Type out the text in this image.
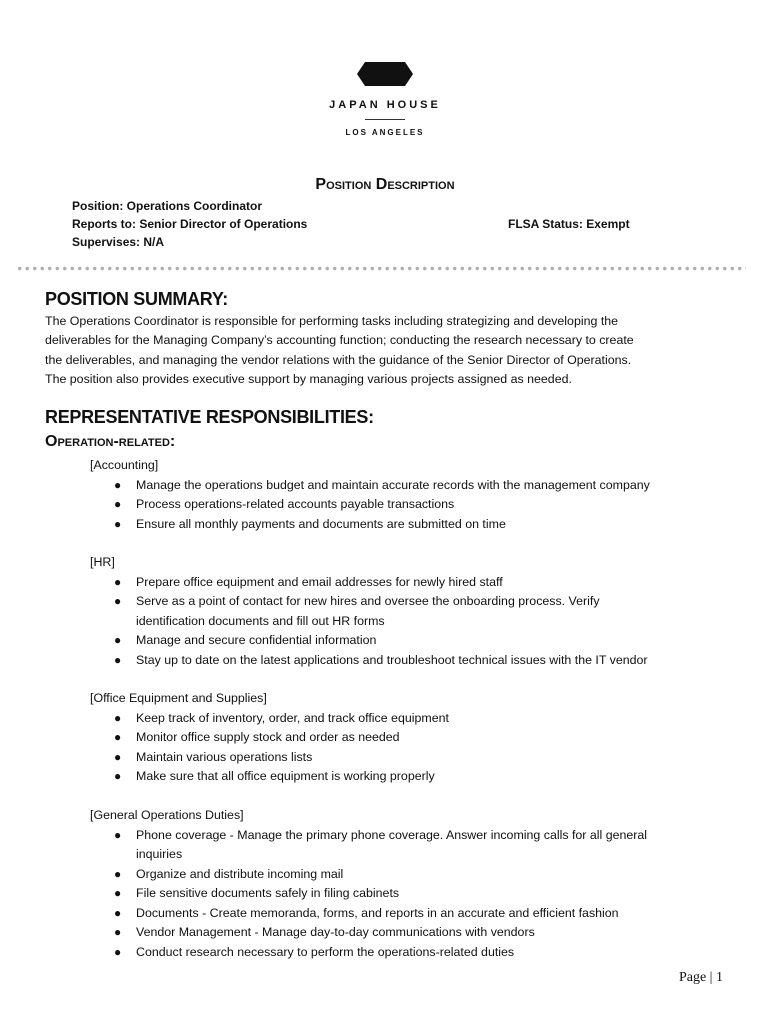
JAPAN HOUSE
LOS ANGELES
Position Description
Position: Operations Coordinator
Reports to: Senior Director of Operations	FLSA Status: Exempt
Supervises: N/A
POSITION SUMMARY:
The Operations Coordinator is responsible for performing tasks including strategizing and developing the
deliverables for the Managing Company’s accounting function; conducting the research necessary to create
the deliverables, and managing the vendor relations with the guidance of the Senior Director of Operations.
The position also provides executive support by managing various projects assigned as needed.
REPRESENTATIVE RESPONSIBILITIES:
Operation-related:
[Accounting]
● Manage the operations budget and maintain accurate records with the management company
● Process operations-related accounts payable transactions
● Ensure all monthly payments and documents are submitted on time
[HR]
● Prepare office equipment and email addresses for newly hired staff
● Serve as a point of contact for new hires and oversee the onboarding process. Verify
identification documents and fill out HR forms
● Manage and secure confidential information
● Stay up to date on the latest applications and troubleshoot technical issues with the IT vendor
[Office Equipment and Supplies]
● Keep track of inventory, order, and track office equipment
● Monitor office supply stock and order as needed
● Maintain various operations lists
● Make sure that all office equipment is working properly
[General Operations Duties]
● Phone coverage - Manage the primary phone coverage. Answer incoming calls for all general
inquiries
● Organize and distribute incoming mail
● File sensitive documents safely in filing cabinets
● Documents - Create memoranda, forms, and reports in an accurate and efficient fashion
● Vendor Management - Manage day-to-day communications with vendors
● Conduct research necessary to perform the operations-related duties
Page | 1
